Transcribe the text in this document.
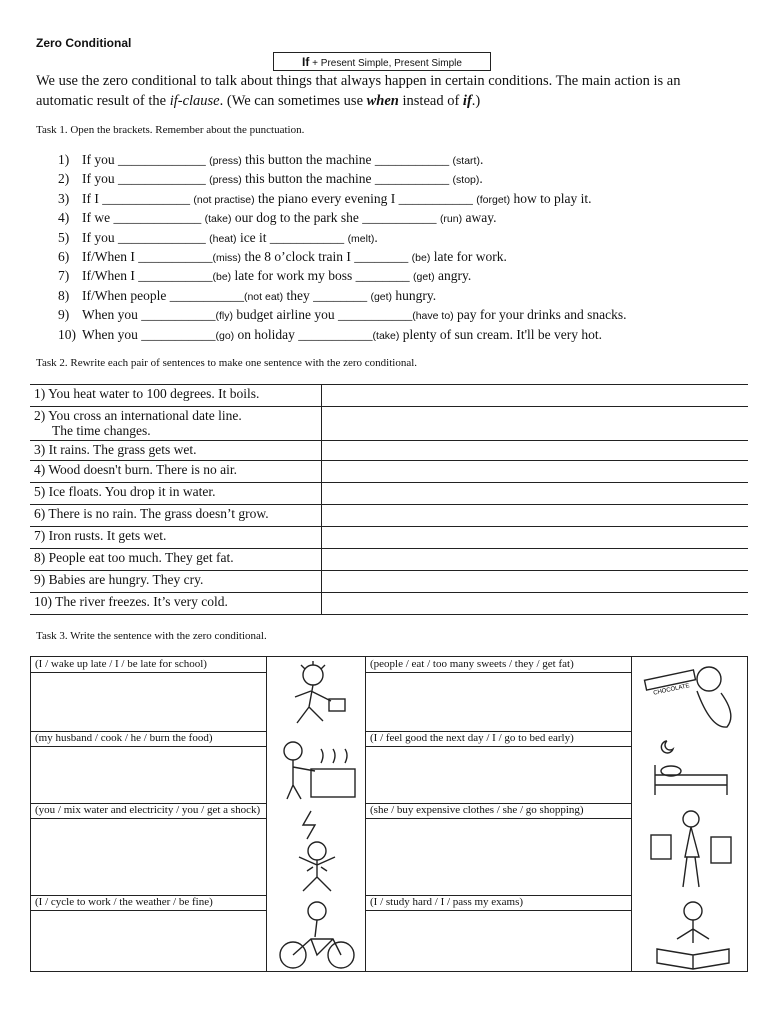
Zero Conditional
If + Present Simple, Present Simple
We use the zero conditional to talk about things that always happen in certain conditions. The main action is an automatic result of the if-clause. (We can sometimes use when instead of if.)
Task 1. Open the brackets. Remember about the punctuation.
1) If you _____________ (press) this button the machine ___________ (start).
2) If you _____________ (press) this button the machine ___________ (stop).
3) If I _____________ (not practise) the piano every evening I ___________ (forget) how to play it.
4) If we _____________ (take) our dog to the park she ___________ (run) away.
5) If you _____________ (heat) ice it ___________ (melt).
6) If/When I ___________(miss) the 8 o’clock train I ________ (be) late for work.
7) If/When I ___________(be) late for work my boss ________ (get) angry.
8) If/When people ___________(not eat) they ________ (get) hungry.
9) When you ___________(fly) budget airline you ___________(have to) pay for your drinks and snacks.
10) When you ___________(go) on holiday ___________(take) plenty of sun cream. It'll be very hot.
Task 2. Rewrite each pair of sentences to make one sentence with the zero conditional.
1) You heat water to 100 degrees. It boils.	

2) You cross an international date line.
The time changes.	

3) It rains. The grass gets wet.	

4) Wood doesn't burn. There is no air.	

5) Ice floats. You drop it in water.	

6) There is no rain. The grass doesn’t grow.	

7) Iron rusts. It gets wet.	

8) People eat too much. They get fat.	

9) Babies are hungry. They cry.	

10) The river freezes. It’s very cold.	

Task 3. Write the sentence with the zero conditional.
(I / wake up late / I / be late for school)
(my husband / cook / he / burn the food)
(you / mix water and electricity / you / get a shock)
(I / cycle to work / the weather / be fine)
(people / eat / too many sweets / they / get fat)
(I / feel good the next day / I / go to bed early)
(she / buy expensive clothes / she / go shopping)
(I / study hard / I / pass my exams)
CHOCOLATE
